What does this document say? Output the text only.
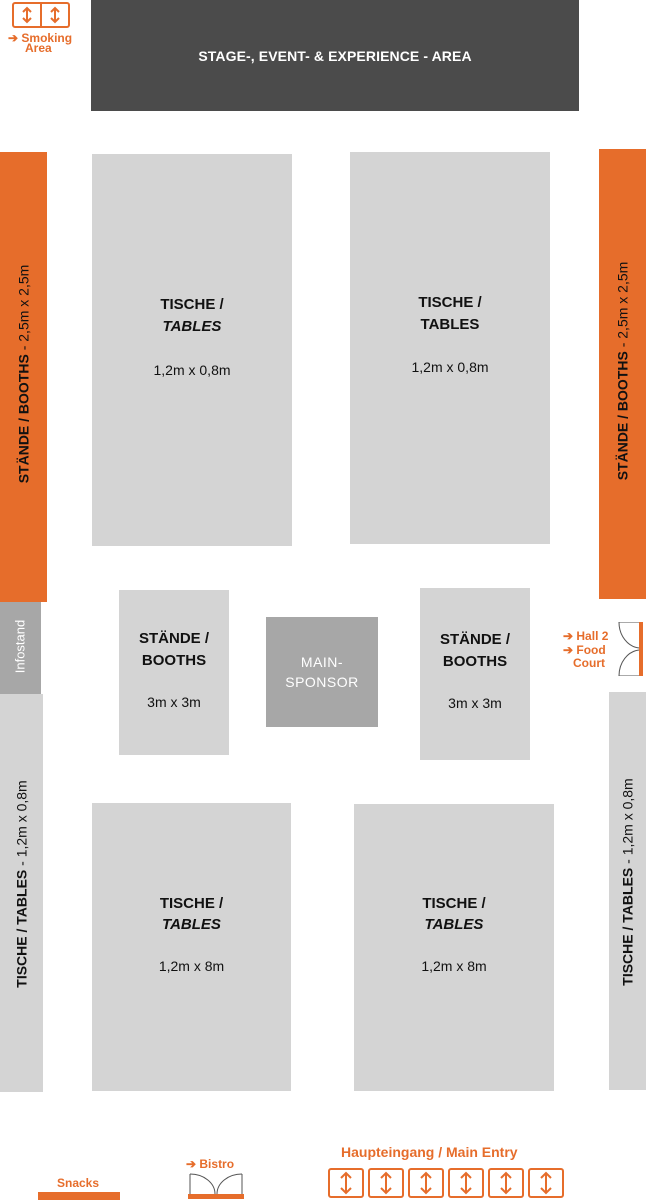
➔ Smoking
Area	STAGE-, EVENT- & EXPERIENCE - AREA
STÄNDE / BOOTHS - 2,5m x 2,5m
STÄNDE / BOOTHS - 2,5m x 2,5m
TISCHE /
TABLES
1,2m x 0,8m
TISCHE /
TABLES
1,2m x 0,8m
Infostand	STÄNDE /
BOOTHS
3m x 3m
MAIN-
SPONSOR
STÄNDE /
BOOTHS
3m x 3m
➔ Hall 2
➔ Food
Court
TISCHE / TABLES - 1,2m x 0,8m
TISCHE / TABLES - 1,2m x 0,8m
TISCHE /
TABLES
1,2m x 8m
TISCHE /
TABLES
1,2m x 8m
Snacks
➔ Bistro
Haupteingang / Main Entry
